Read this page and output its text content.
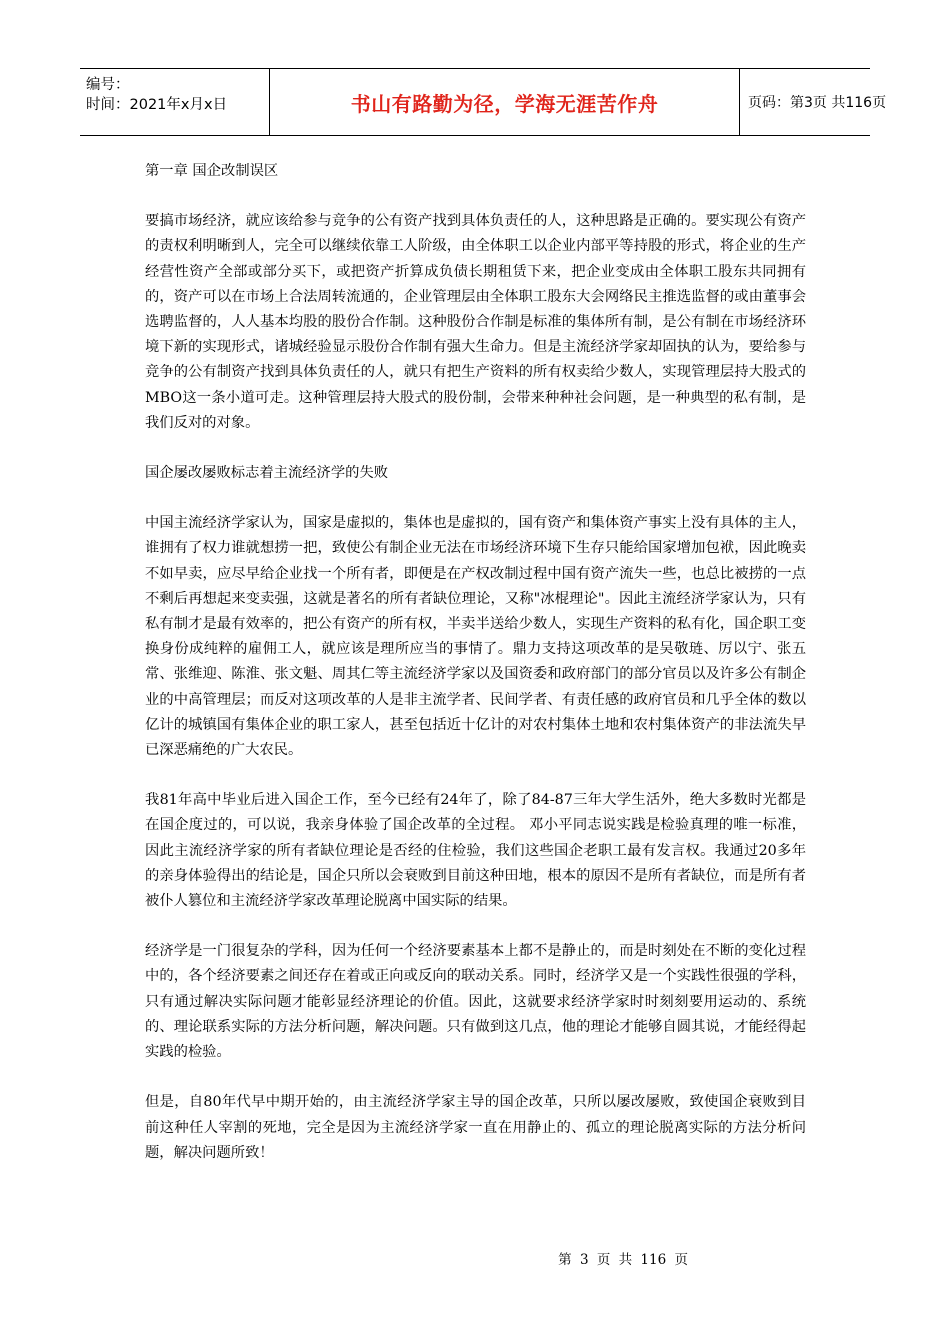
编号：
时间：2021年x月x日	书山有路勤为径，学海无涯苦作舟	页码：第3页 共116页

第一章 国企改制误区

要搞市场经济，就应该给参与竞争的公有资产找到具体负责任的人，这种思路是正确的。要实现公有资产的责权利明晰到人，完全可以继续依靠工人阶级，由全体职工以企业内部平等持股的形式，将企业的生产经营性资产全部或部分买下，或把资产折算成负债长期租赁下来，把企业变成由全体职工股东共同拥有的，资产可以在市场上合法周转流通的，企业管理层由全体职工股东大会网络民主推选监督的或由董事会选聘监督的，人人基本均股的股份合作制。这种股份合作制是标准的集体所有制，是公有制在市场经济环境下新的实现形式，诸城经验显示股份合作制有强大生命力。但是主流经济学家却固执的认为，要给参与竞争的公有制资产找到具体负责任的人，就只有把生产资料的所有权卖给少数人，实现管理层持大股式的MBO这一条小道可走。这种管理层持大股式的股份制，会带来种种社会问题，是一种典型的私有制，是我们反对的对象。

国企屡改屡败标志着主流经济学的失败

中国主流经济学家认为，国家是虚拟的，集体也是虚拟的，国有资产和集体资产事实上没有具体的主人，谁拥有了权力谁就想捞一把，致使公有制企业无法在市场经济环境下生存只能给国家增加包袱，因此晚卖不如早卖，应尽早给企业找一个所有者，即便是在产权改制过程中国有资产流失一些，也总比被捞的一点不剩后再想起来变卖强，这就是著名的所有者缺位理论，又称"冰棍理论"。因此主流经济学家认为，只有私有制才是最有效率的，把公有资产的所有权，半卖半送给少数人，实现生产资料的私有化，国企职工变换身份成纯粹的雇佣工人，就应该是理所应当的事情了。鼎力支持这项改革的是吴敬琏、厉以宁、张五常、张维迎、陈淮、张文魁、周其仁等主流经济学家以及国资委和政府部门的部分官员以及许多公有制企业的中高管理层；而反对这项改革的人是非主流学者、民间学者、有责任感的政府官员和几乎全体的数以亿计的城镇国有集体企业的职工家人，甚至包括近十亿计的对农村集体土地和农村集体资产的非法流失早已深恶痛绝的广大农民。

我81年高中毕业后进入国企工作，至今已经有24年了，除了84-87三年大学生活外，绝大多数时光都是在国企度过的，可以说，我亲身体验了国企改革的全过程。 邓小平同志说实践是检验真理的唯一标准，因此主流经济学家的所有者缺位理论是否经的住检验，我们这些国企老职工最有发言权。我通过20多年的亲身体验得出的结论是，国企只所以会衰败到目前这种田地，根本的原因不是所有者缺位，而是所有者被仆人篡位和主流经济学家改革理论脱离中国实际的结果。

经济学是一门很复杂的学科，因为任何一个经济要素基本上都不是静止的，而是时刻处在不断的变化过程中的，各个经济要素之间还存在着或正向或反向的联动关系。同时，经济学又是一个实践性很强的学科，只有通过解决实际问题才能彰显经济理论的价值。因此，这就要求经济学家时时刻刻要用运动的、系统的、理论联系实际的方法分析问题，解决问题。只有做到这几点，他的理论才能够自圆其说，才能经得起实践的检验。

但是，自80年代早中期开始的，由主流经济学家主导的国企改革，只所以屡改屡败，致使国企衰败到目前这种任人宰割的死地，完全是因为主流经济学家一直在用静止的、孤立的理论脱离实际的方法分析问题，解决问题所致！

第 3 页 共 116 页
